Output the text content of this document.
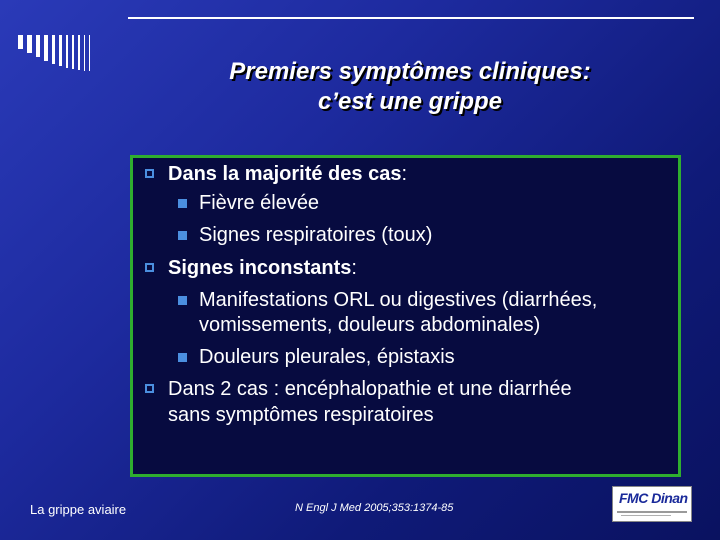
Premiers symptômes cliniques:
c’est une grippe
Dans la majorité des cas:
Fièvre élevée
Signes respiratoires (toux)
Signes inconstants:
Manifestations ORL ou digestives (diarrhées,
vomissements, douleurs abdominales)
Douleurs pleurales, épistaxis
Dans 2 cas : encéphalopathie et une diarrhée
sans symptômes respiratoires
La grippe aviaire	N Engl J Med 2005;353:1374-85
FMC Dinan
